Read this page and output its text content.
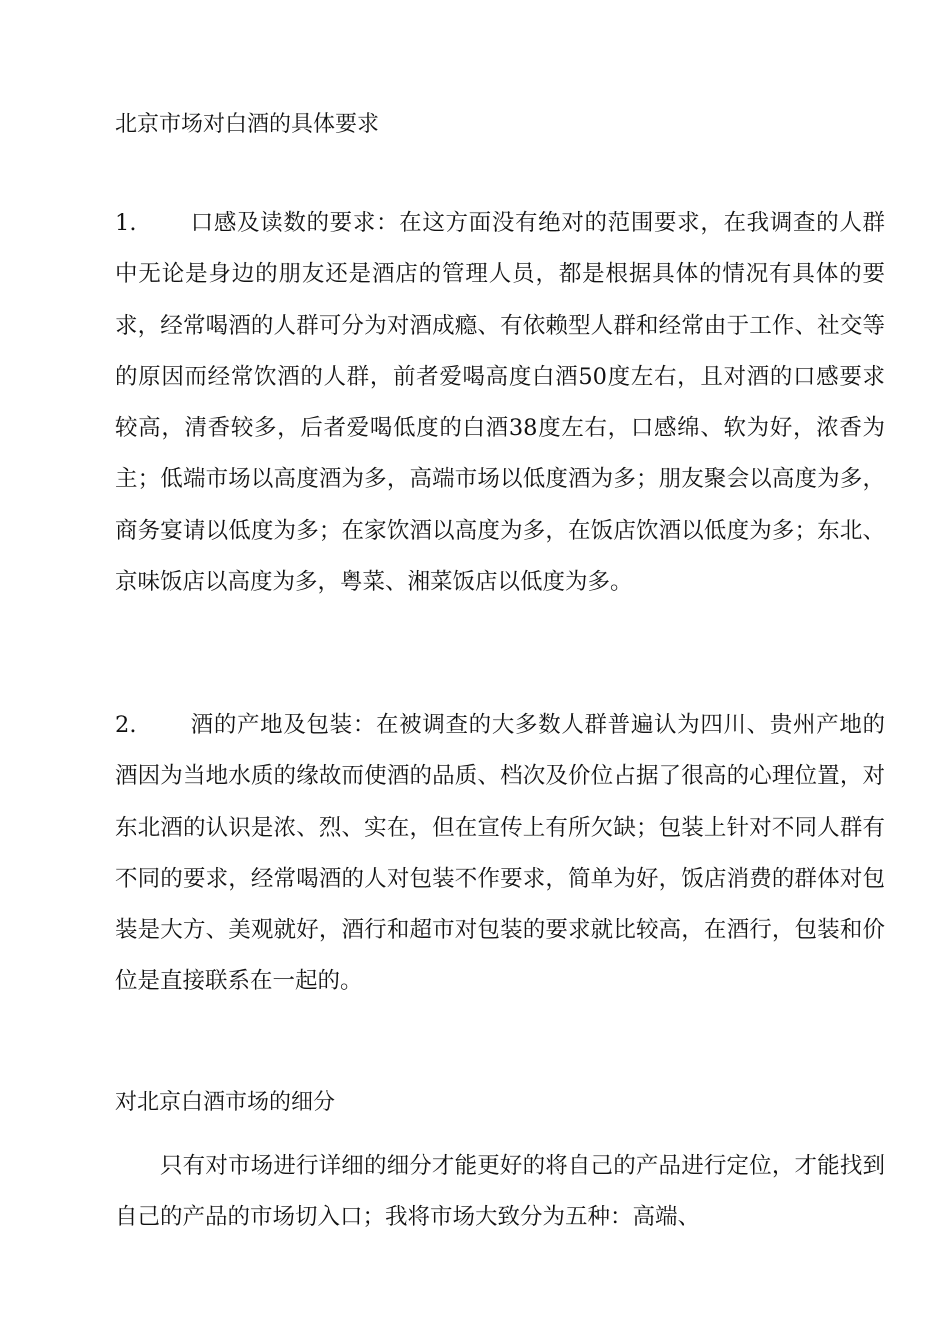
北京市场对白酒的具体要求

1. 口感及读数的要求：在这方面没有绝对的范围要求，在我调查的人群中无论是身边的朋友还是酒店的管理人员，都是根据具体的情况有具体的要求，经常喝酒的人群可分为对酒成瘾、有依赖型人群和经常由于工作、社交等的原因而经常饮酒的人群，前者爱喝高度白酒50度左右，且对酒的口感要求较高，清香较多，后者爱喝低度的白酒38度左右，口感绵、软为好，浓香为主；低端市场以高度酒为多，高端市场以低度酒为多；朋友聚会以高度为多，商务宴请以低度为多；在家饮酒以高度为多，在饭店饮酒以低度为多；东北、京味饭店以高度为多，粤菜、湘菜饭店以低度为多。

2. 酒的产地及包装：在被调查的大多数人群普遍认为四川、贵州产地的酒因为当地水质的缘故而使酒的品质、档次及价位占据了很高的心理位置，对东北酒的认识是浓、烈、实在，但在宣传上有所欠缺；包装上针对不同人群有不同的要求，经常喝酒的人对包装不作要求，简单为好，饭店消费的群体对包装是大方、美观就好，酒行和超市对包装的要求就比较高，在酒行，包装和价位是直接联系在一起的。

对北京白酒市场的细分

只有对市场进行详细的细分才能更好的将自己的产品进行定位，才能找到自己的产品的市场切入口；我将市场大致分为五种：高端、
